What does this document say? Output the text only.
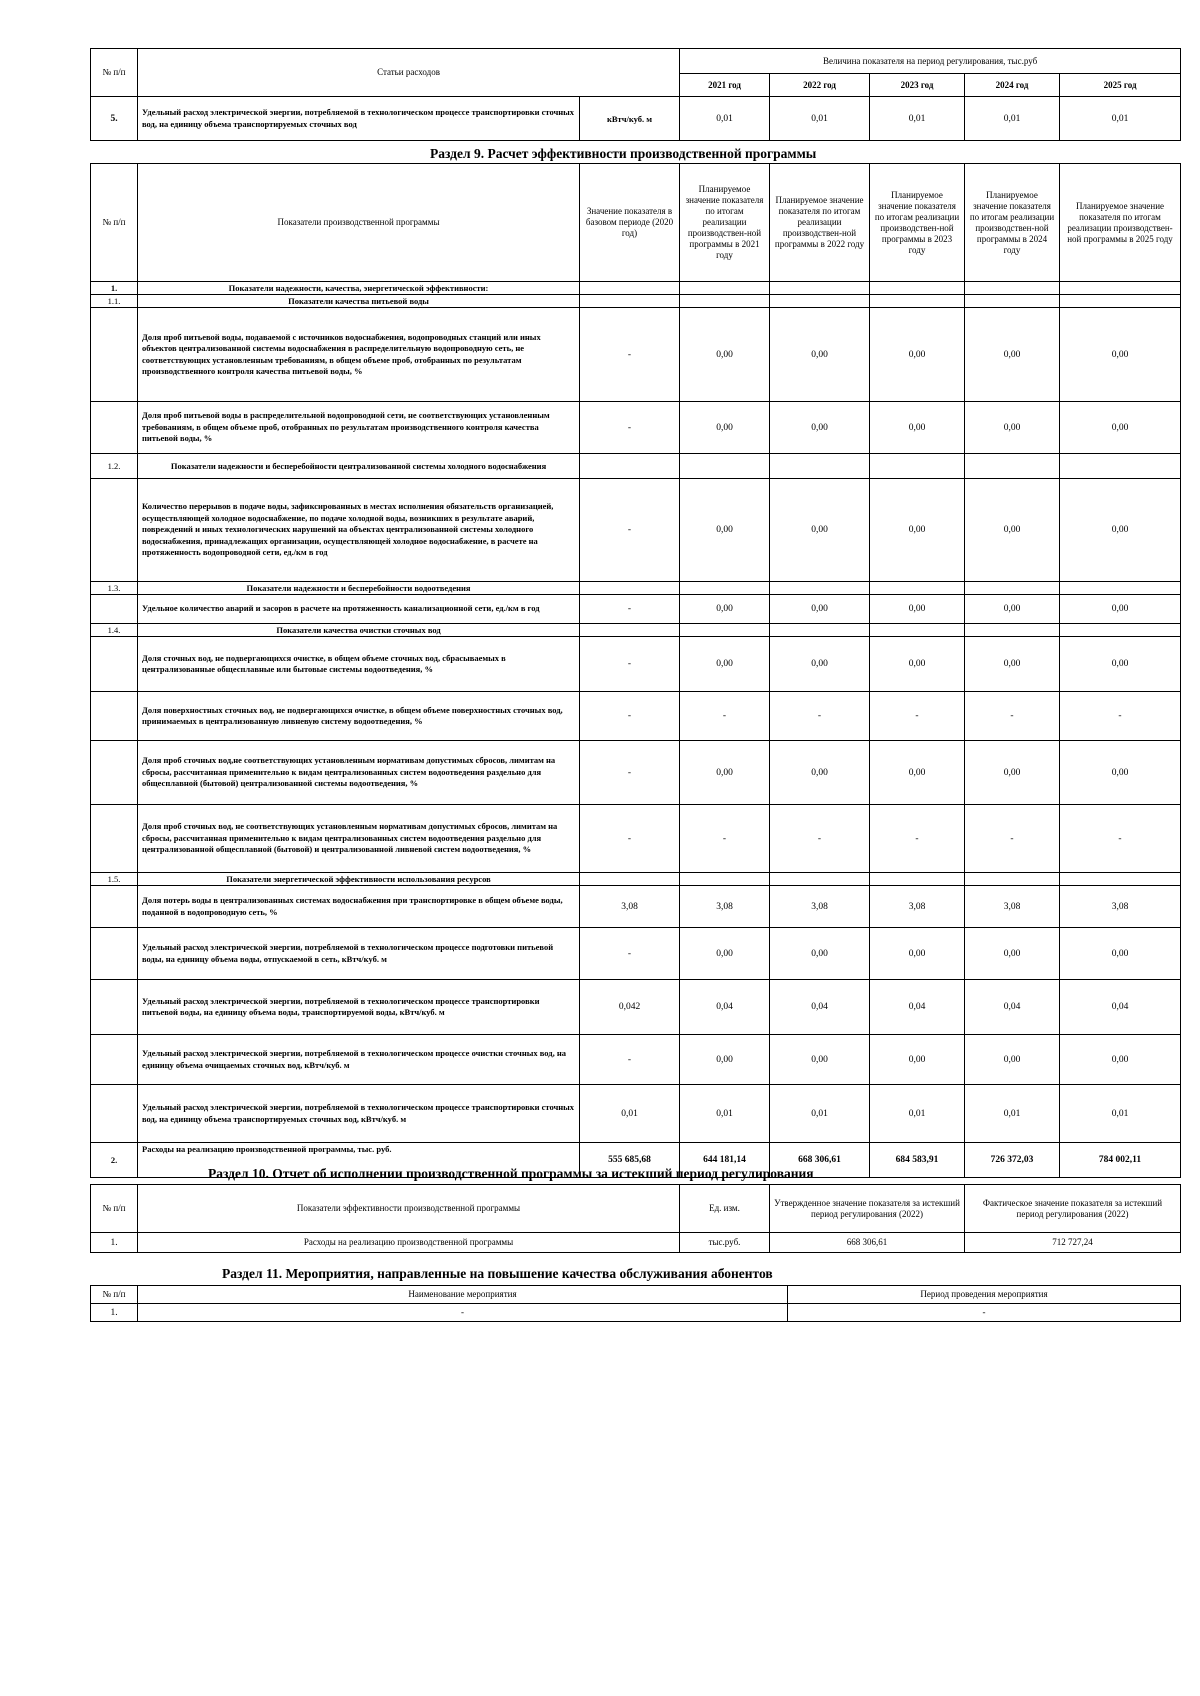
№ п/п	Статьи расходов		Величина показателя на период регулирования, тыс.руб				
			2021 год	2022 год	2023 год	2024 год	2025 год
5.	Удельный расход электрической энергии, потребляемой в технологическом процессе транспортировки сточных вод, на единицу объема транспортируемых сточных вод	кВтч/куб. м	0,01	0,01	0,01	0,01	0,01
Раздел 9. Расчет эффективности производственной программы
№ п/п	Показатели производственной программы	Значение показателя в базовом периоде (2020 год)	Планируемое значение показателя по итогам реализации производствен-ной программы в 2021 году	Планируемое значение показателя по итогам реализации производствен-ной программы в 2022 году	Планируемое значение показателя по итогам реализации производствен-ной программы в 2023 году	Планируемое значение показателя по итогам реализации производствен-ной программы в 2024 году	Планируемое значение показателя по итогам реализации производствен-ной программы в 2025 году
1.	Показатели надежности, качества, энергетической эффективности:						
1.1.	Показатели качества питьевой воды						
	Доля проб питьевой воды, подаваемой с источников водоснабжения, водопроводных станций или иных объектов централизованной системы водоснабжения в распределительную водопроводную сеть, не соответствующих установленным требованиям, в общем объеме проб, отобранных по результатам производственного контроля качества питьевой воды, %	-	0,00	0,00	0,00	0,00	0,00
	Доля проб питьевой воды в распределительной водопроводной сети, не соответствующих установленным требованиям, в общем объеме проб, отобранных по результатам производственного контроля качества питьевой воды, %	-	0,00	0,00	0,00	0,00	0,00
1.2.	Показатели надежности и бесперебойности централизованной системы холодного водоснабжения						
	Количество перерывов в подаче воды, зафиксированных в местах исполнения обязательств организацией, осуществляющей холодное водоснабжение, по подаче холодной воды, возникших в результате аварий, повреждений и иных технологических нарушений на объектах централизованной системы холодного водоснабжения, принадлежащих организации, осуществляющей холодное водоснабжение, в расчете на протяженность водопроводной сети, ед./км в год	-	0,00	0,00	0,00	0,00	0,00
1.3.	Показатели надежности и бесперебойности водоотведения						
	Удельное количество аварий и засоров в расчете на протяженность канализационной сети, ед./км в год	-	0,00	0,00	0,00	0,00	0,00
1.4.	Показатели качества очистки сточных вод						
	Доля сточных вод, не подвергающихся очистке, в общем объеме сточных вод, сбрасываемых в централизованные общесплавные или бытовые системы водоотведения, %	-	0,00	0,00	0,00	0,00	0,00
	Доля поверхностных сточных вод, не подвергающихся очистке, в общем объеме поверхностных сточных вод, принимаемых в централизованную ливневую систему водоотведения, %	-	-	-	-	-	-
	Доля проб сточных вод,не соответствующих установленным нормативам допустимых сбросов, лимитам на сбросы, рассчитанная применительно к видам централизованных систем водоотведения раздельно для общесплавной (бытовой) централизованной системы водоотведения, %	-	0,00	0,00	0,00	0,00	0,00
	Доля проб сточных вод, не соответствующих установленным нормативам допустимых сбросов, лимитам на сбросы, рассчитанная применительно к видам централизованных систем водоотведения раздельно для централизованной общесплавной (бытовой) и централизованной ливневой систем водоотведения, %	-	-	-	-	-	-
1.5.	Показатели энергетической эффективности использования ресурсов						
	Доля потерь воды в централизованных системах водоснабжения при транспортировке в общем объеме воды, поданной в водопроводную сеть, %	3,08	3,08	3,08	3,08	3,08	3,08
	Удельный расход электрической энергии, потребляемой в технологическом процессе подготовки питьевой воды, на единицу объема воды, отпускаемой в сеть, кВтч/куб. м	-	0,00	0,00	0,00	0,00	0,00
	Удельный расход электрической энергии, потребляемой в технологическом процессе транспортировки питьевой воды, на единицу объема воды, транспортируемой воды, кВтч/куб. м	0,042	0,04	0,04	0,04	0,04	0,04
	Удельный расход электрической энергии, потребляемой в технологическом процессе очистки сточных вод, на единицу объема очищаемых сточных вод, кВтч/куб. м	-	0,00	0,00	0,00	0,00	0,00
	Удельный расход электрической энергии, потребляемой в технологическом процессе транспортировки сточных вод, на единицу объема транспортируемых сточных вод, кВтч/куб. м	0,01	0,01	0,01	0,01	0,01	0,01
2.	Расходы на реализацию производственной программы, тыс. руб.	555 685,68	644 181,14	668 306,61	684 583,91	726 372,03	784 002,11
Раздел 10. Отчет об исполнении производственной программы за истекший период регулирования
№ п/п	Показатели эффективности производственной программы	Ед. изм.	Утвержденное значение показателя за истекший период регулирования (2022)	Фактическое значение показателя за истекший период регулирования (2022)
1.	Расходы на реализацию производственной программы	тыс.руб.	668 306,61	712 727,24
Раздел 11. Мероприятия, направленные на повышение качества обслуживания абонентов
№ п/п	Наименование мероприятия	Период проведения мероприятия
1.	-	-
